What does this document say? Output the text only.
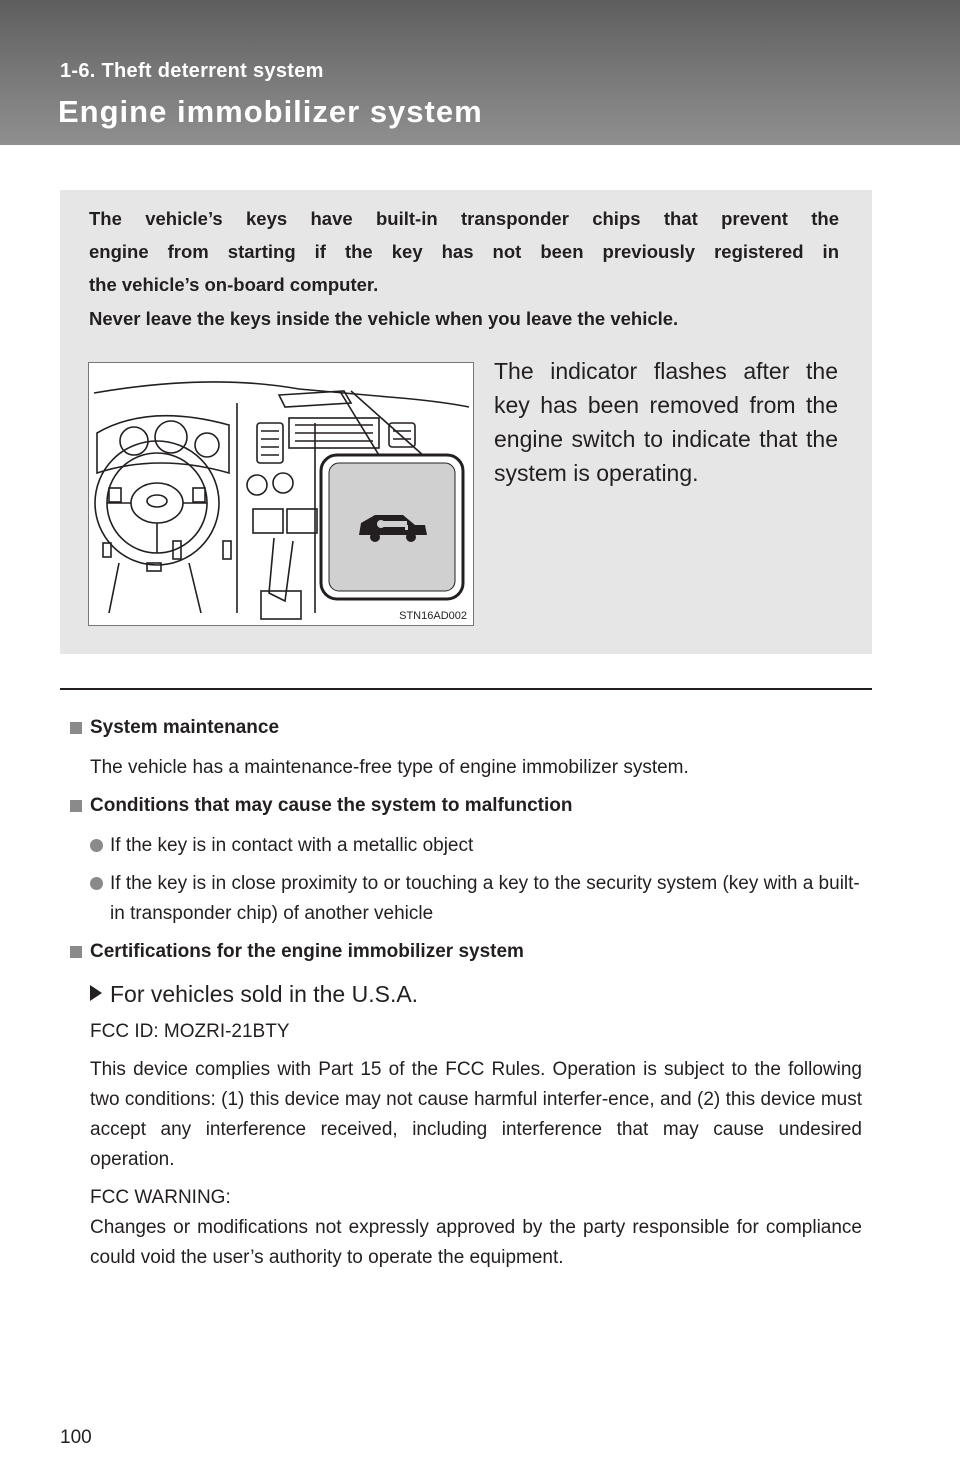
1-6. Theft deterrent system
Engine immobilizer system
The vehicle’s keys have built-in transponder chips that prevent the
engine from starting if the key has not been previously registered in
the vehicle’s on-board computer.

Never leave the keys inside the vehicle when you leave the vehicle.

STN16AD002

The indicator flashes after the key has been removed from the engine switch to indicate that the system is operating.

System maintenance

The vehicle has a maintenance-free type of engine immobilizer system.

Conditions that may cause the system to malfunction

If the key is in contact with a metallic object

If the key is in close proximity to or touching a key to the security system (key with a built-in transponder chip) of another vehicle

Certifications for the engine immobilizer system

For vehicles sold in the U.S.A.

FCC ID: MOZRI-21BTY

This device complies with Part 15 of the FCC Rules. Operation is subject to the following two conditions: (1) this device may not cause harmful interfer-ence, and (2) this device must accept any interference received, including interference that may cause undesired operation.

FCC WARNING:

Changes or modifications not expressly approved by the party responsible for compliance could void the user’s authority to operate the equipment.

100
